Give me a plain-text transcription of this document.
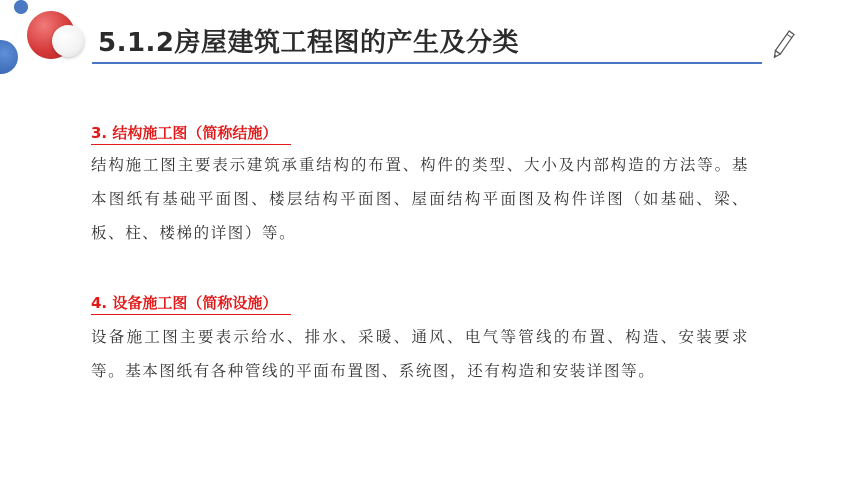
5.1.2房屋建筑工程图的产生及分类
3. 结构施工图（简称结施）
结构施工图主要表示建筑承重结构的布置、构件的类型、大小及内部构造的方法等。基本图纸有基础平面图、楼层结构平面图、屋面结构平面图及构件详图（如基础、梁、板、柱、楼梯的详图）等。
4. 设备施工图（简称设施）
设备施工图主要表示给水、排水、采暖、通风、电气等管线的布置、构造、安装要求等。基本图纸有各种管线的平面布置图、系统图，还有构造和安装详图等。
